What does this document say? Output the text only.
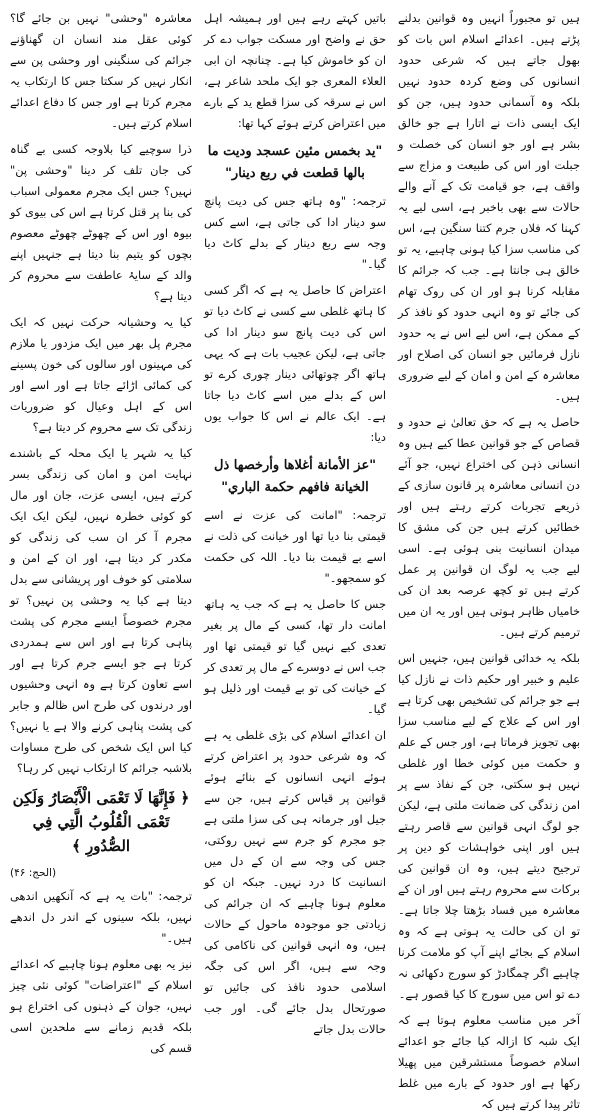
معاشرہ "وحشی" نہیں بن جائے گا؟ کوئی عقل مند انسان ان گھناؤنے جرائم کی سنگینی اور وحشی پن سے انکار نہیں کر سکتا جس کا ارتکاب یہ مجرم کرتا ہے اور جس کا دفاع اعدائے اسلام کرتے ہیں۔

ذرا سوچیے کیا بلاوجہ کسی بے گناہ کی جان تلف کر دینا "وحشی پن" نہیں؟ جس ایک مجرم معمولی اسباب کی بنا پر قتل کرتا ہے اس کی بیوی کو بیوہ اور اس کے چھوٹے چھوٹے معصوم بچوں کو یتیم بنا دیتا ہے جنہیں اپنے والد کے سایۂ عاطفت سے محروم کر دیتا ہے؟

کیا یہ وحشیانہ حرکت نہیں کہ ایک مجرم پل بھر میں ایک مزدور یا ملازم کی مہینوں اور سالوں کی خون پسینے کی کمائی اڑائے جاتا ہے اور اسے اور اس کے اہل وعیال کو ضروریات زندگی تک سے محروم کر دیتا ہے؟

کیا یہ شہر یا ایک محلہ کے باشندے نہایت امن و امان کی زندگی بسر کرتے ہیں، ایسی عزت، جان اور مال کو کوئی خطرہ نہیں، لیکن ایک ایک مجرم آ کر ان سب کی زندگی کو مکدر کر دیتا ہے، اور ان کے امن و سلامتی کو خوف اور پریشانی سے بدل دیتا ہے کیا یہ وحشی پن نہیں؟ تو مجرم خصوصاً ایسے مجرم کی پشت پناہی کرتا ہے اور اس سے ہمدردی کرتا ہے جو ایسے جرم کرتا ہے اور اسے تعاون کرتا ہے وہ انہی وحشیوں اور درندوں کی طرح اس ظالم و جابر کی پشت پناہی کرنے والا ہے یا نہیں؟ کیا اس ایک شخص کی طرح مساوات بلاشبہ جرائم کا ارتکاب نہیں کر رہا؟

﴿ فَإِنَّهَا لَا تَعْمَى الْأَبْصَارُ وَلَكِن تَعْمَى الْقُلُوبُ الَّتِي فِي الصُّدُورِ ﴾

(الحج: ۴۶)

ترجمہ: "بات یہ ہے کہ آنکھیں اندھی نہیں، بلکہ سینوں کے اندر دل اندھے ہیں۔"

نیز یہ بھی معلوم ہونا چاہیے کہ اعدائے اسلام کے "اعتراضات" کوئی نئی چیز نہیں، جوان کے ذہنوں کی اختراع ہو بلکہ قدیم زمانے سے ملحدین اسی قسم کی

باتیں کہتے رہے ہیں اور ہمیشہ اہل حق نے واضح اور مسکت جواب دے کر ان کو خاموش کیا ہے۔ چنانچہ ان ابی العلاء المعری جو ایک ملحد شاعر ہے، اس نے سرقہ کی سزا قطع ید کے بارے میں اعتراض کرتے ہوئے کہا تھا:

"يد بخمس مئين عسجد وديت ما بالها قطعت في ربع دينار"

ترجمہ: "وہ ہاتھ جس کی دیت پانچ سو دینار ادا کی جاتی ہے، اسے کس وجہ سے ربع دینار کے بدلے کاٹ دیا گیا۔"

اعتراض کا حاصل یہ ہے کہ اگر کسی کا ہاتھ غلطی سے کسی نے کاٹ دیا تو اس کی دیت پانچ سو دینار ادا کی جاتی ہے، لیکن عجیب بات ہے کہ یہی ہاتھ اگر چوتھائی دینار چوری کرے تو اس کے بدلے میں اسے کاٹ دیا جاتا ہے۔ ایک عالم نے اس کا جواب یوں دیا:

"عز الأمانة أغلاها وأرخصها ذل الخيانة فافهم حكمة الباري"

ترجمہ: "امانت کی عزت نے اسے قیمتی بنا دیا تھا اور خیانت کی ذلت نے اسے بے قیمت بنا دیا۔ اللہ کی حکمت کو سمجھو۔"

جس کا حاصل یہ ہے کہ جب یہ ہاتھ امانت دار تھا، کسی کے مال پر بغیر تعدی کیے نہیں گیا تو قیمتی تھا اور جب اس نے دوسرے کے مال پر تعدی کر کے خیانت کی تو بے قیمت اور ذلیل ہو گیا۔

ان اعدائے اسلام کی بڑی غلطی یہ ہے کہ وہ شرعی حدود پر اعتراض کرتے ہوئے انہی انسانوں کے بنائے ہوئے قوانین پر قیاس کرتے ہیں، جن سے جیل اور جرمانہ ہی کی سزا ملتی ہے جو مجرم کو جرم سے نہیں روکتی، جس کی وجہ سے ان کے دل میں انسانیت کا درد نہیں۔ جبکہ ان کو معلوم ہونا چاہیے کہ ان جرائم کی زیادتی جو موجودہ ماحول کے حالات ہیں، وہ انہی قوانین کی ناکامی کی وجہ سے ہیں، اگر اس کی جگہ اسلامی حدود نافذ کی جائیں تو صورتحال بدل جائے گی۔ اور جب حالات بدل جاتے

ہیں تو مجبوراً انہیں وہ قوانین بدلنے پڑتے ہیں۔ اعدائے اسلام اس بات کو بھول جاتے ہیں کہ شرعی حدود انسانوں کی وضع کردہ حدود نہیں بلکہ وہ آسمانی حدود ہیں، جن کو ایک ایسی ذات نے اتارا ہے جو خالق بشر ہے اور جو انسان کی خصلت و جبلت اور اس کی طبیعت و مزاج سے واقف ہے، جو قیامت تک کے آنے والے حالات سے بھی باخبر ہے، اسی لیے یہ کہنا کہ فلاں جرم کتنا سنگین ہے، اس کی مناسب سزا کیا ہونی چاہیے، یہ تو خالق ہی جانتا ہے۔ جب کہ جرائم کا مقابلہ کرنا ہو اور ان کی روک تھام کی جائے تو وہ انہی حدود کو نافذ کر کے ممکن ہے، اس لیے اس نے یہ حدود نازل فرمائیں جو انسان کی اصلاح اور معاشرہ کے امن و امان کے لیے ضروری ہیں۔

حاصل یہ ہے کہ حق تعالیٰ نے حدود و قصاص کے جو قوانین عطا کیے ہیں وہ انسانی ذہن کی اختراع نہیں، جو آئے دن انسانی معاشرہ پر قانون سازی کے ذریعے تجربات کرتے رہتے ہیں اور خطائیں کرتے ہیں جن کی مشق کا میدان انسانیت بنی ہوئی ہے۔ اسی لیے جب یہ لوگ ان قوانین پر عمل کرتے ہیں تو کچھ عرصہ بعد ان کی خامیاں ظاہر ہوتی ہیں اور یہ ان میں ترمیم کرتے ہیں۔

بلکہ یہ خدائی قوانین ہیں، جنہیں اس علیم و خبیر اور حکیم ذات نے نازل کیا ہے جو جرائم کی تشخیص بھی کرتا ہے اور اس کے علاج کے لیے مناسب سزا بھی تجویز فرماتا ہے، اور جس کے علم و حکمت میں کوئی خطا اور غلطی نہیں ہو سکتی، جن کے نفاذ سے پر امن زندگی کی ضمانت ملتی ہے، لیکن جو لوگ انہی قوانین سے قاصر رہتے ہیں اور اپنی خواہشات کو دین پر ترجیح دیتے ہیں، وہ ان قوانین کی برکات سے محروم رہتے ہیں اور ان کے معاشرہ میں فساد بڑھتا چلا جاتا ہے۔ تو ان کی حالت یہ ہوتی ہے کہ وہ اسلام کے بجائے اپنے آپ کو ملامت کرنا چاہیے اگر چمگادڑ کو سورج دکھائی نہ دے تو اس میں سورج کا کیا قصور ہے۔

آخر میں مناسب معلوم ہوتا ہے کہ ایک شبہ کا ازالہ کیا جائے جو اعدائے اسلام خصوصاً مستشرقین میں پھیلا رکھا ہے اور حدود کے بارے میں غلط تاثر پیدا کرتے ہیں کہ
